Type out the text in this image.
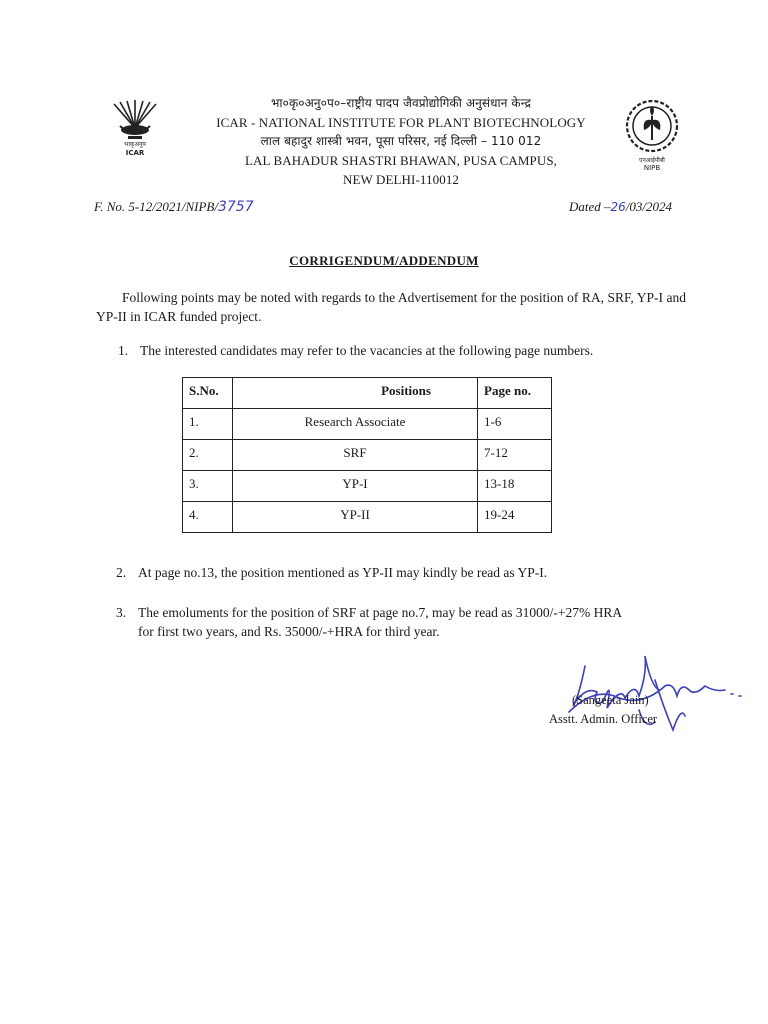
भाकृअनुप
ICAR
भा०कृ०अनु०प०–राष्ट्रीय पादप जैवप्रोद्योगिकी अनुसंधान केन्द्र
ICAR - NATIONAL INSTITUTE FOR PLANT BIOTECHNOLOGY
लाल बहादुर शास्त्री भवन, पूसा परिसर, नई दिल्ली – 110 012
LAL BAHADUR SHASTRI BHAWAN, PUSA CAMPUS,
NEW DELHI-110012
एनआईपीबी
NIPB
F. No. 5-12/2021/NIPB/3757	Dated –26/03/2024
CORRIGENDUM/ADDENDUM
Following points may be noted with regards to the Advertisement for the position of RA, SRF, YP-I and YP-II in ICAR funded project.
1. The interested candidates may refer to the vacancies at the following page numbers.
S.No.	Positions	Page no.
1.	Research Associate	1-6
2.	SRF	7-12
3.	YP-I	13-18
4.	YP-II	19-24
2. At page no.13, the position mentioned as YP-II may kindly be read as YP-I.
3. The emoluments for the position of SRF at page no.7, may be read as 31000/-+27% HRA
for first two years, and Rs. 35000/-+HRA for third year.
(Sangeeta Jain)
Asstt. Admin. Officer
